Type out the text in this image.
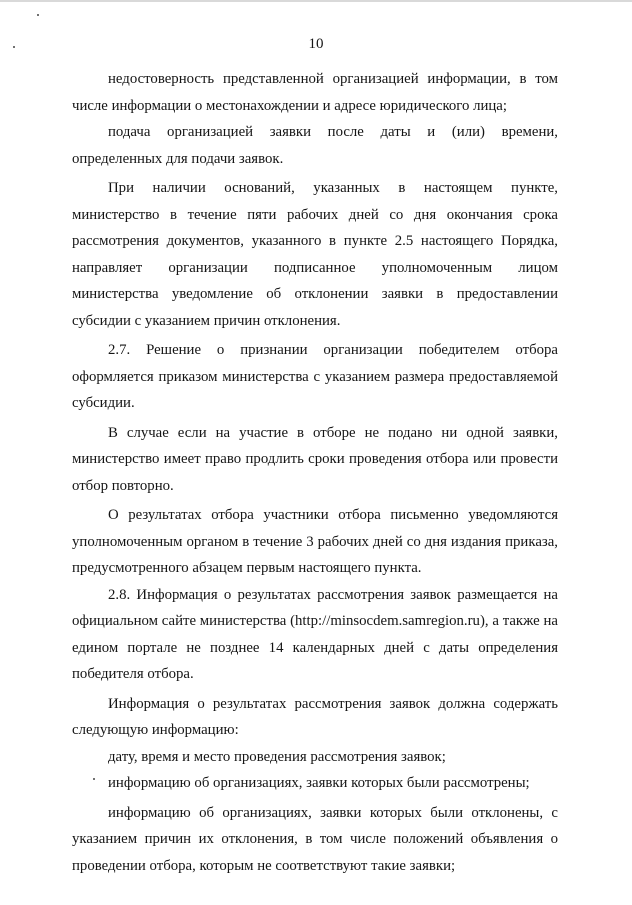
10

недостоверность представленной организацией информации, в том числе информации о местонахождении и адресе юридического лица;

подача организацией заявки после даты и (или) времени, определенных для подачи заявок.

При наличии оснований, указанных в настоящем пункте, министерство в течение пяти рабочих дней со дня окончания срока рассмотрения документов, указанного в пункте 2.5 настоящего Порядка, направляет организации подписанное уполномоченным лицом министерства уведомление об отклонении заявки в предоставлении субсидии с указанием причин отклонения.

2.7. Решение о признании организации победителем отбора оформляется приказом министерства с указанием размера предоставляемой субсидии.

В случае если на участие в отборе не подано ни одной заявки, министерство имеет право продлить сроки проведения отбора или провести отбор повторно.

О результатах отбора участники отбора письменно уведомляются уполномоченным органом в течение 3 рабочих дней со дня издания приказа, предусмотренного абзацем первым настоящего пункта.

2.8. Информация о результатах рассмотрения заявок размещается на официальном сайте министерства (http://minsocdem.samregion.ru), а также на едином портале не позднее 14 календарных дней с даты определения победителя отбора.

Информация о результатах рассмотрения заявок должна содержать следующую информацию:

дату, время и место проведения рассмотрения заявок;

информацию об организациях, заявки которых были рассмотрены;

информацию об организациях, заявки которых были отклонены, с указанием причин их отклонения, в том числе положений объявления о проведении отбора, которым не соответствуют такие заявки;
